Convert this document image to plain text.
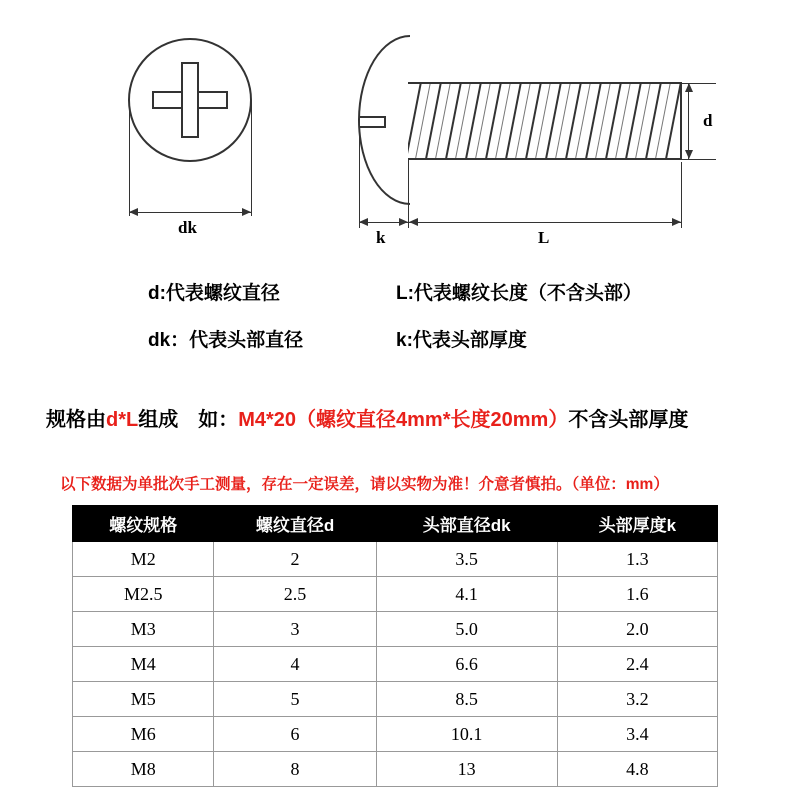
dk
d
k	L
d:代表螺纹直径	L:代表螺纹长度（不含头部）
dk：代表头部直径	k:代表头部厚度
规格由d*L组成　如：M4*20（螺纹直径4mm*长度20mm）不含头部厚度
以下数据为单批次手工测量，存在一定误差，请以实物为准！介意者慎拍。（单位：mm）
螺纹规格	螺纹直径d	头部直径dk	头部厚度k
M2	2	3.5	1.3
M2.5	2.5	4.1	1.6
M3	3	5.0	2.0
M4	4	6.6	2.4
M5	5	8.5	3.2
M6	6	10.1	3.4
M8	8	13	4.8
